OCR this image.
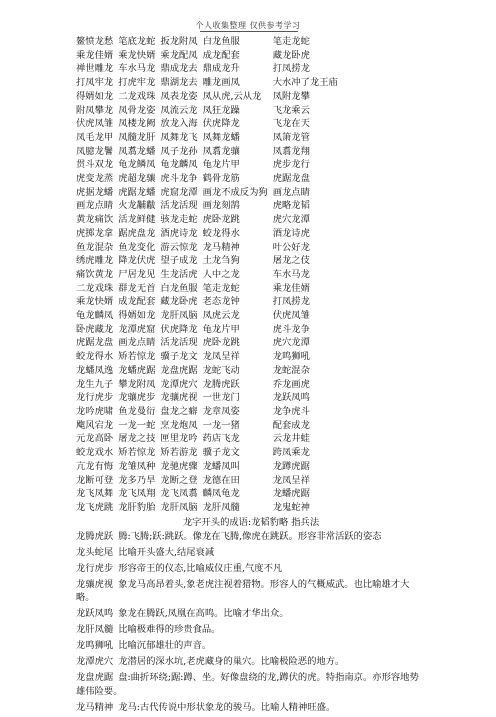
个人收集整理 仅供参考学习
鳌愤龙愁 笔底龙蛇 扳龙附凤 白龙鱼服	笔走龙蛇
乘龙佳婿 乘龙快婿 乘龙配凤 成龙配套	藏龙卧虎
禅世雕龙 车水马龙 鼎成龙去 鼎成龙升	打凤捞龙
打凤牢龙 打虎牢龙 鼎湖龙去 雕龙画凤	大水冲了龙王庙
得婿如龙 二龙戏珠 凤表龙姿 凤从虎,云从龙	凤附龙攀
附凤攀龙 凤骨龙姿 凤流云龙 凤狂龙躁	飞龙乘云
伏虎凤雏 凤楼龙阙 放龙入海 伏虎降龙	飞龙在天
凤毛龙甲 凤髓龙肝 凤舞龙飞 凤舞龙蟠	凤箫龙管
凤臆龙鬐 凤翥龙蟠 凤子龙孙 凤翥龙骧	凤翥龙翔
贯斗双龙 龟龙鳞凤 龟龙麟凤 龟龙片甲	虎步龙行
虎变龙蒸 虎超龙骧 虎斗龙争 鹤骨龙筋	虎踞龙盘
虎据龙蟠 虎踞龙蟠 虎窟龙潭 画龙不成反为狗 画龙点睛
画龙点睛 火龙黼黻 活龙活现 画龙刻鹄	虎略龙韬
黄龙痛饮 活龙鲜健 骇龙走蛇 虎卧龙跳	虎穴龙潭
虎掷龙拿 踞虎盘龙 酒虎诗龙 蛟龙得水	酒龙诗虎
鱼龙混杂 鱼龙变化 游云惊龙 龙马精神	叶公好龙
绣虎雕龙 降龙伏虎 望子成龙 土龙刍狗	屠龙之伎
痛饮黄龙 尸居龙见 生龙活虎 人中之龙	车水马龙
二龙戏珠 群龙无首 白龙鱼服 笔走龙蛇	乘龙佳婿
乘龙快婿 成龙配套 藏龙卧虎 老态龙钟	打凤捞龙
龟龙麟凤 得婿如龙 龙肝凤脑 凤虎云龙	伏虎凤雏
卧虎藏龙 龙潭虎窟 伏虎降龙 龟龙片甲	虎斗龙争
虎踞龙盘 画龙点睛 活龙活现 虎卧龙跳	虎穴龙潭
蛟龙得水 矫若惊龙 骥子龙文 龙凤呈祥	龙鸣狮吼
龙蟠凤逸 龙蟠虎踞 龙盘虎踞 龙蛇飞动	龙蛇混杂
龙生九子 攀龙附凤 龙潭虎穴 龙腾虎跃	乔龙画虎
龙行虎步 龙骧虎步 龙骧虎视 一世龙门	龙跃凤鸣
龙吟虎啸 鱼龙曼衍 盘龙之癖 龙章凤姿	龙争虎斗
飑风宕龙 一龙一蛇 烹龙炮凤 一龙一猪	配套成龙
元龙高卧 屠龙之技 匣里龙吟 药店飞龙	云龙井蛙
蛟龙戏水 矫若惊龙 矫若游龙 骥子龙文	跨凤乘龙
亢龙有悔 龙雏凤种 龙驰虎骤 龙蟠凤叫	龙蹲虎踞
龙断可登 龙多乃旱 龙断之登 龙德在田	龙凤呈祥
龙飞凤舞 龙飞凤翔 龙飞凤翥 麟凤龟龙	龙蟠虎踞
龙飞虎跳 龙肝豹胎 龙肝凤脑 龙肝凤髓	龙鬼蛇神
龙字开头的成语:龙韬豹略 指兵法
龙腾虎跃 腾:飞腾;跃:跳跃。像龙在飞腾,像虎在跳跃。形容非常活跃的姿态
龙头蛇尾 比喻开头盛大,结尾衰减
龙行虎步 形容帝王的仪态,比喻威仪庄重,气度不凡
龙骧虎视 象龙马高昂着头,象老虎注视着猎物。形容人的气概威武。也比喻雄才大略。
龙跃凤鸣 象龙在腾跃,凤凰在高鸣。比喻才华出众。
龙肝凤髓 比喻极难得的珍贵食品。
龙鸣狮吼 比喻沉郁雄壮的声音。
龙潭虎穴 龙潜居的深水坑,老虎藏身的巢穴。比喻极险恶的地方。
龙盘虎踞 盘:曲折环绕;踞:蹲、坐。好像盘绕的龙,蹲伏的虎。特指南京。亦形容地势雄伟险要。
龙马精神 龙马:古代传说中形状象龙的骏马。比喻人精神旺盛。
